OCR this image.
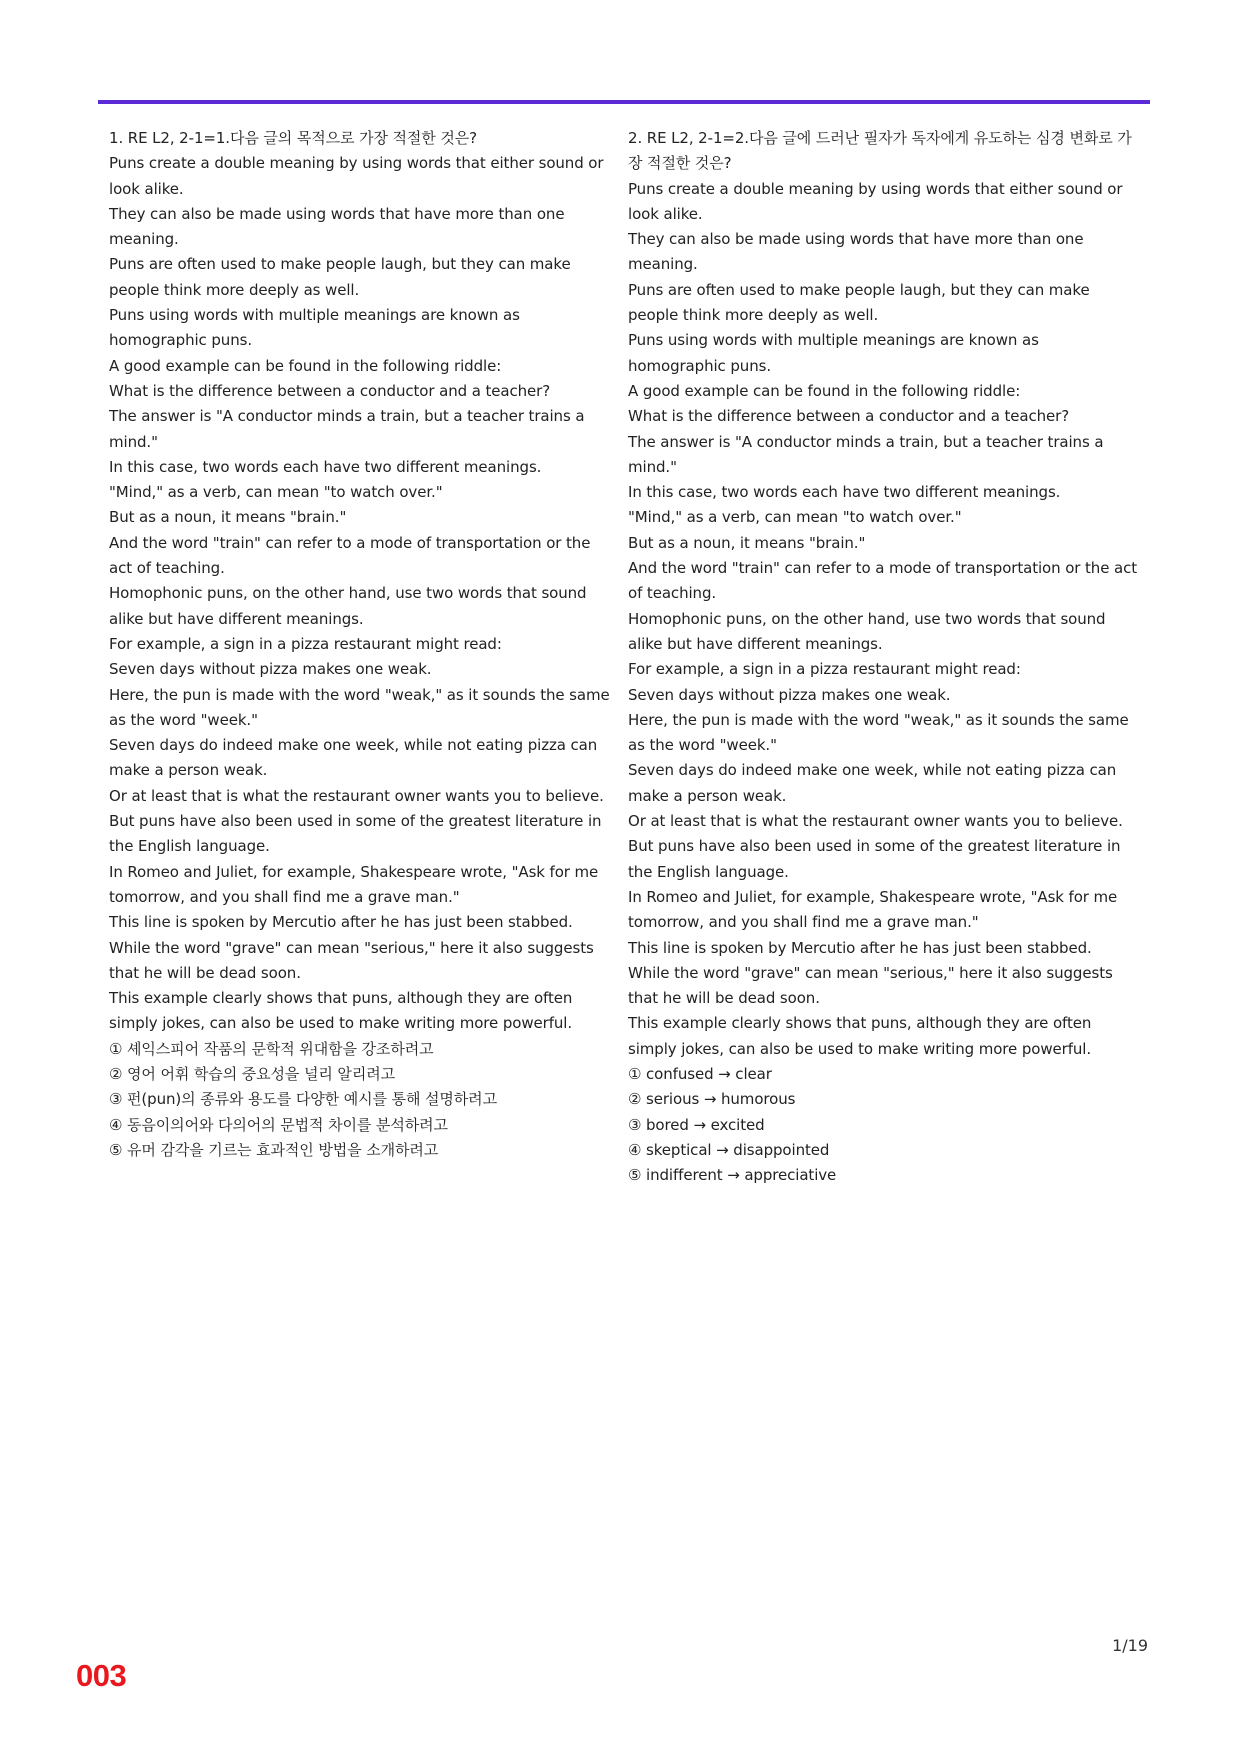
1. RE L2, 2-1=1.다음 글의 목적으로 가장 적절한 것은?

Puns create a double meaning by using words that either sound or look alike.

They can also be made using words that have more than one meaning.

Puns are often used to make people laugh, but they can make people think more deeply as well.

Puns using words with multiple meanings are known as homographic puns.

A good example can be found in the following riddle:

What is the difference between a conductor and a teacher?

The answer is "A conductor minds a train, but a teacher trains a mind."

In this case, two words each have two different meanings.

"Mind," as a verb, can mean "to watch over."

But as a noun, it means "brain."

And the word "train" can refer to a mode of transportation or the act of teaching.

Homophonic puns, on the other hand, use two words that sound alike but have different meanings.

For example, a sign in a pizza restaurant might read:

Seven days without pizza makes one weak.

Here, the pun is made with the word "weak," as it sounds the same as the word "week."

Seven days do indeed make one week, while not eating pizza can make a person weak.

Or at least that is what the restaurant owner wants you to believe.

But puns have also been used in some of the greatest literature in the English language.

In Romeo and Juliet, for example, Shakespeare wrote, "Ask for me tomorrow, and you shall find me a grave man."

This line is spoken by Mercutio after he has just been stabbed.

While the word "grave" can mean "serious," here it also suggests that he will be dead soon.

This example clearly shows that puns, although they are often simply jokes, can also be used to make writing more powerful.

① 셰익스피어 작품의 문학적 위대함을 강조하려고

② 영어 어휘 학습의 중요성을 널리 알리려고

③ 펀(pun)의 종류와 용도를 다양한 예시를 통해 설명하려고

④ 동음이의어와 다의어의 문법적 차이를 분석하려고

⑤ 유머 감각을 기르는 효과적인 방법을 소개하려고

2. RE L2, 2-1=2.다음 글에 드러난 필자가 독자에게 유도하는 심경 변화로 가장 적절한 것은?

Puns create a double meaning by using words that either sound or look alike.

They can also be made using words that have more than one meaning.

Puns are often used to make people laugh, but they can make people think more deeply as well.

Puns using words with multiple meanings are known as homographic puns.

A good example can be found in the following riddle:

What is the difference between a conductor and a teacher?

The answer is "A conductor minds a train, but a teacher trains a mind."

In this case, two words each have two different meanings.

"Mind," as a verb, can mean "to watch over."

But as a noun, it means "brain."

And the word "train" can refer to a mode of transportation or the act of teaching.

Homophonic puns, on the other hand, use two words that sound alike but have different meanings.

For example, a sign in a pizza restaurant might read:

Seven days without pizza makes one weak.

Here, the pun is made with the word "weak," as it sounds the same as the word "week."

Seven days do indeed make one week, while not eating pizza can make a person weak.

Or at least that is what the restaurant owner wants you to believe.

But puns have also been used in some of the greatest literature in the English language.

In Romeo and Juliet, for example, Shakespeare wrote, "Ask for me tomorrow, and you shall find me a grave man."

This line is spoken by Mercutio after he has just been stabbed.

While the word "grave" can mean "serious," here it also suggests that he will be dead soon.

This example clearly shows that puns, although they are often simply jokes, can also be used to make writing more powerful.

① confused → clear

② serious → humorous

③ bored → excited

④ skeptical → disappointed

⑤ indifferent → appreciative

1/19
003
